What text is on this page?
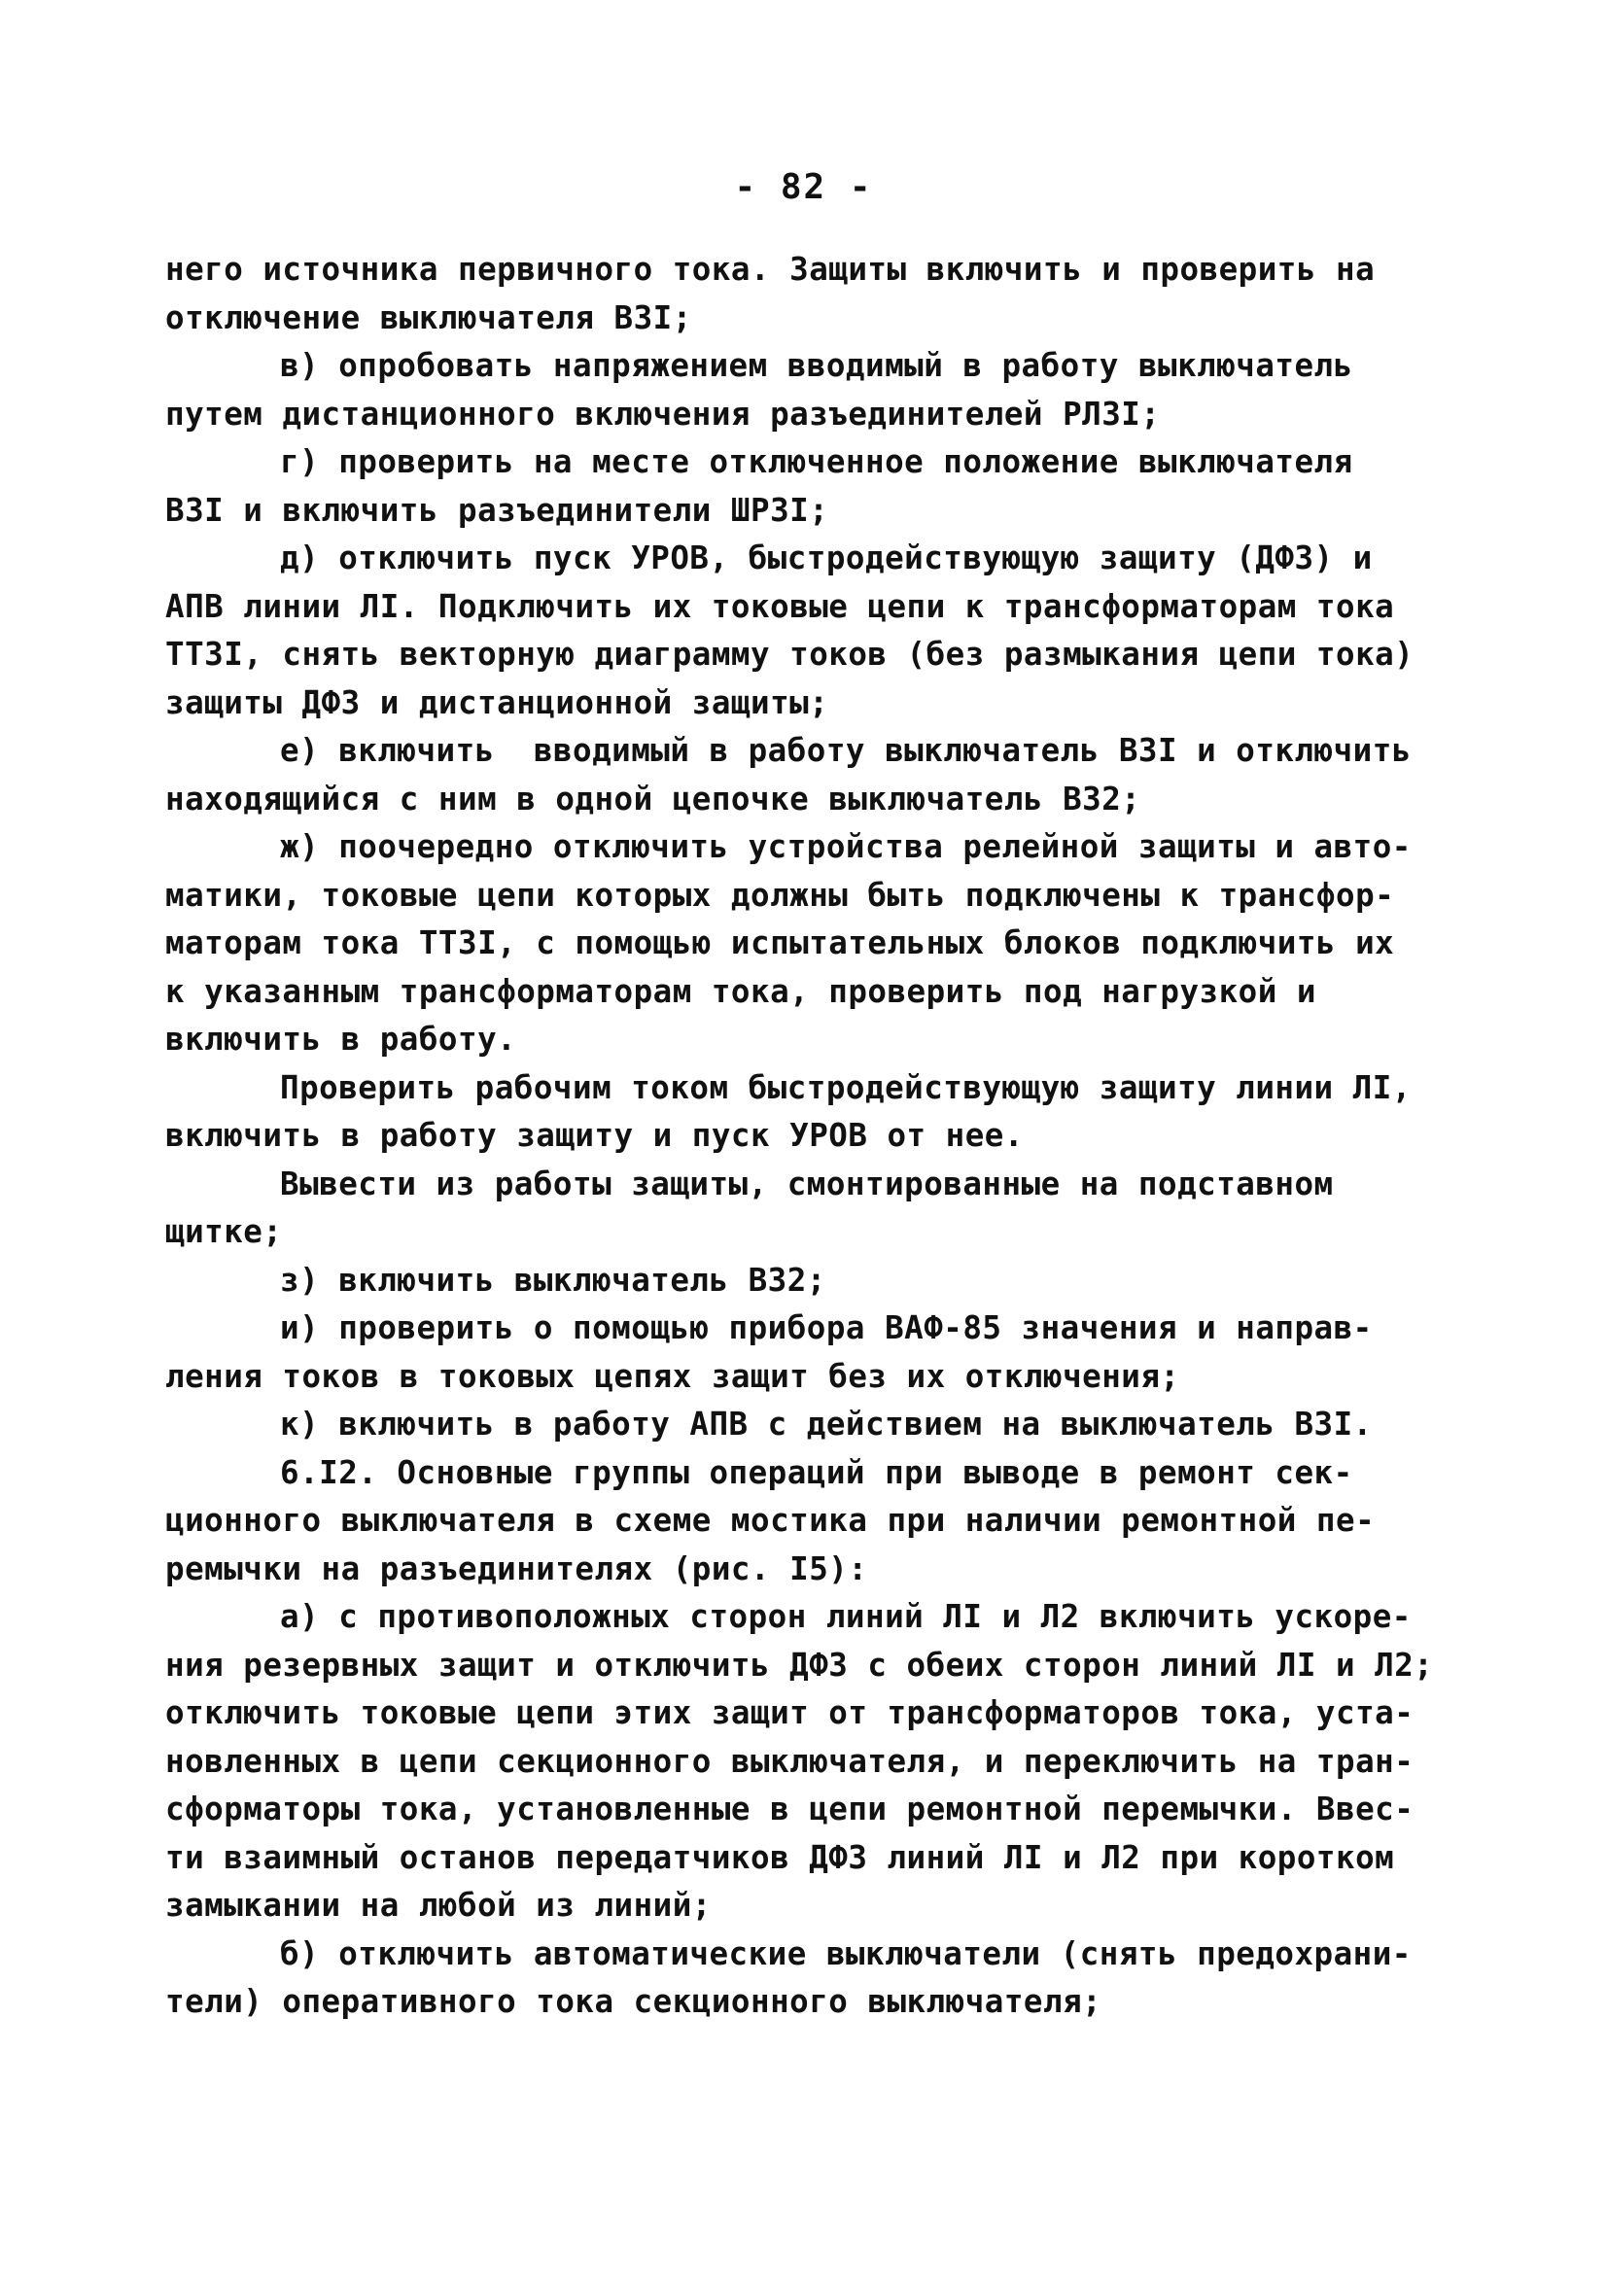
- 82 -
него источника первичного тока. Защиты включить и проверить на
отключение выключателя ВЗI;
в) опробовать напряжением вводимый в работу выключатель
путем дистанционного включения разъединителей РЛЗI;
г) проверить на месте отключенное положение выключателя
ВЗI и включить разъединители ШРЗI;
д) отключить пуск УРОВ, быстродействующую защиту (ДФЗ) и
АПВ линии ЛI. Подключить их токовые цепи к трансформаторам тока
ТТЗI, снять векторную диаграмму токов (без размыкания цепи тока)
защиты ДФЗ и дистанционной защиты;
е) включить  вводимый в работу выключатель ВЗI и отключить
находящийся с ним в одной цепочке выключатель ВЗ2;
ж) поочередно отключить устройства релейной защиты и авто-
матики, токовые цепи которых должны быть подключены к трансфор-
маторам тока ТТЗI, с помощью испытательных блоков подключить их
к указанным трансформаторам тока, проверить под нагрузкой и
включить в работу.
Проверить рабочим током быстродействующую защиту линии ЛI,
включить в работу защиту и пуск УРОВ от нее.
Вывести из работы защиты, смонтированные на подставном
щитке;
з) включить выключатель ВЗ2;
и) проверить о помощью прибора ВАФ-85 значения и направ-
ления токов в токовых цепях защит без их отключения;
к) включить в работу АПВ с действием на выключатель ВЗI.
6.I2. Основные группы операций при выводе в ремонт сек-
ционного выключателя в схеме мостика при наличии ремонтной пе-
ремычки на разъединителях (рис. I5):
а) с противоположных сторон линий ЛI и Л2 включить ускоре-
ния резервных защит и отключить ДФЗ с обеих сторон линий ЛI и Л2;
отключить токовые цепи этих защит от трансформаторов тока, уста-
новленных в цепи секционного выключателя, и переключить на тран-
сформаторы тока, установленные в цепи ремонтной перемычки. Ввес-
ти взаимный останов передатчиков ДФЗ линий ЛI и Л2 при коротком
замыкании на любой из линий;
б) отключить автоматические выключатели (снять предохрани-
тели) оперативного тока секционного выключателя;
